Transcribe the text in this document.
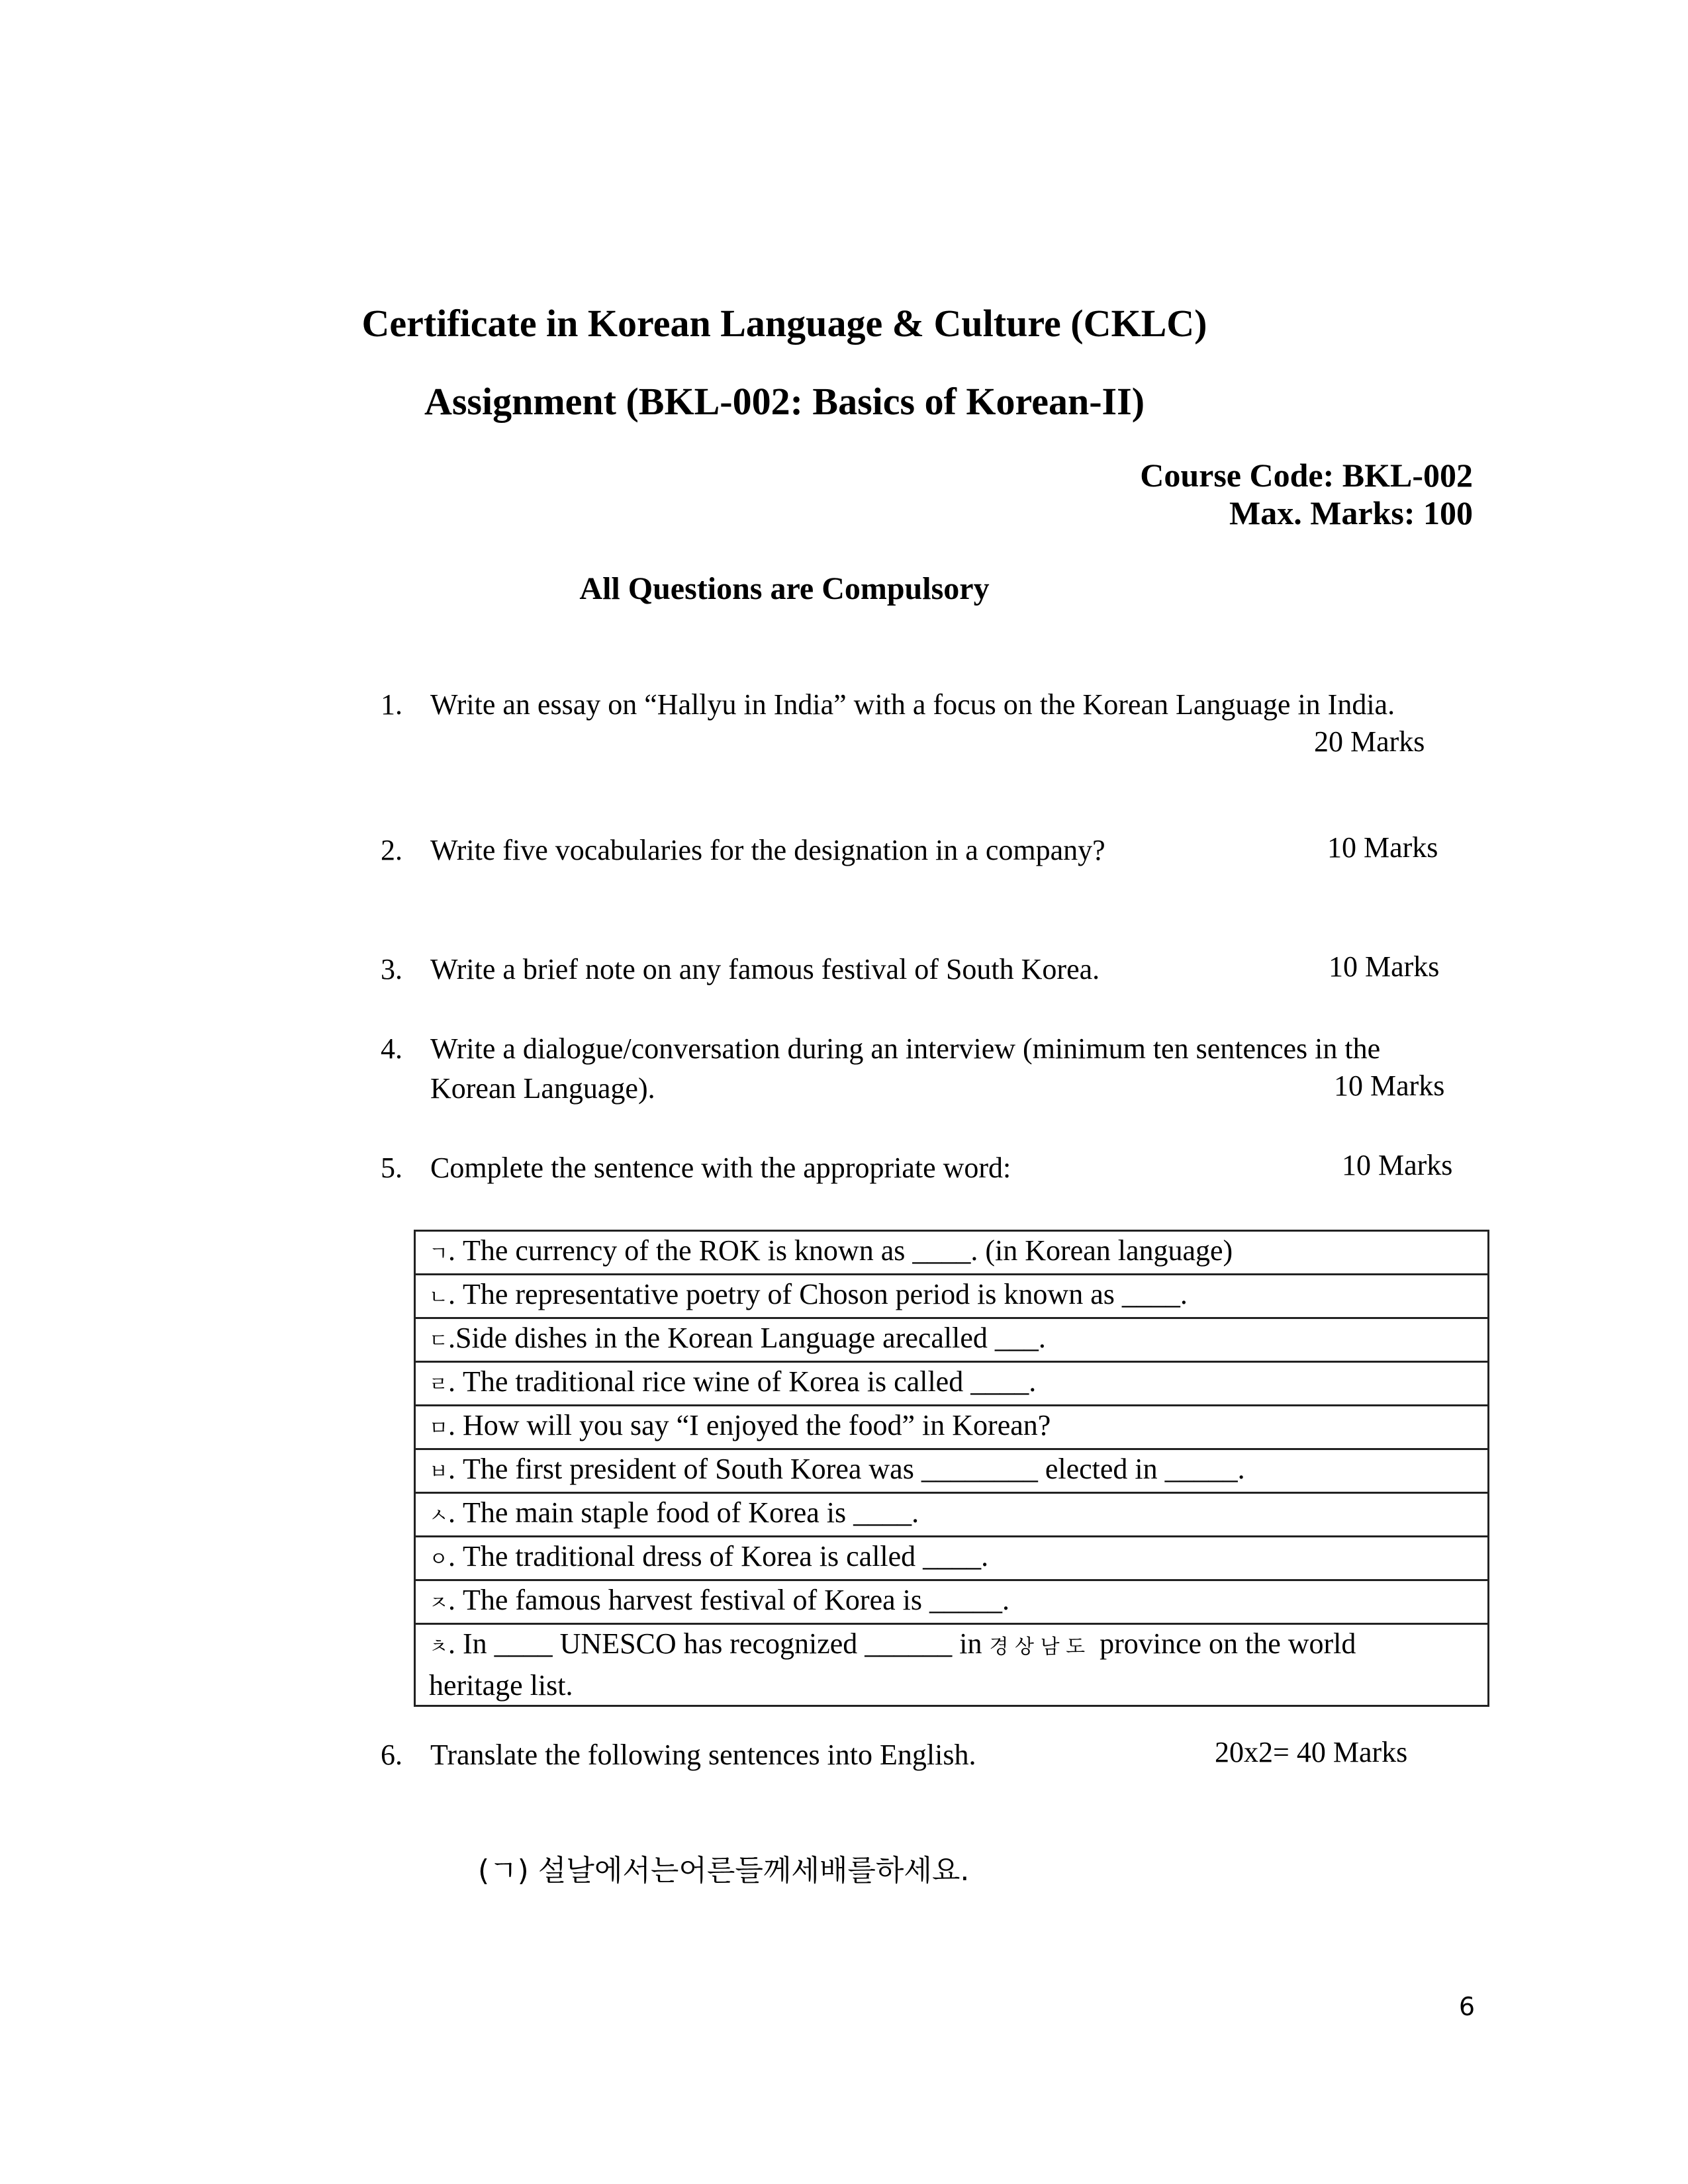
Certificate in Korean Language & Culture (CKLC)
Assignment (BKL-002: Basics of Korean-II)
Course Code: BKL-002
Max. Marks: 100
All Questions are Compulsory
1. Write an essay on “Hallyu in India” with a focus on the Korean Language in India.
20 Marks
2. Write five vocabularies for the designation in a company?	10 Marks
3. Write a brief note on any famous festival of South Korea.	10 Marks
4. Write a dialogue/conversation during an interview (minimum ten sentences in the
Korean Language).	10 Marks
5. Complete the sentence with the appropriate word:	10 Marks
ㄱ. The currency of the ROK is known as ____. (in Korean language)
ㄴ. The representative poetry of Choson period is known as ____.
ㄷ.Side dishes in the Korean Language arecalled ___.
ㄹ. The traditional rice wine of Korea is called ____.
ㅁ. How will you say “I enjoyed the food” in Korean?
ㅂ. The first president of South Korea was ________ elected in _____.
ㅅ. The main staple food of Korea is ____.
ㅇ. The traditional dress of Korea is called ____.
ㅈ. The famous harvest festival of Korea is _____.
ㅊ. In ____ UNESCO has recognized ______ in 경 상 남 도  province on the world
heritage list.
6. Translate the following sentences into English.	20x2= 40 Marks
(ㄱ) 설날에서는어른들께세배를하세요.
6
